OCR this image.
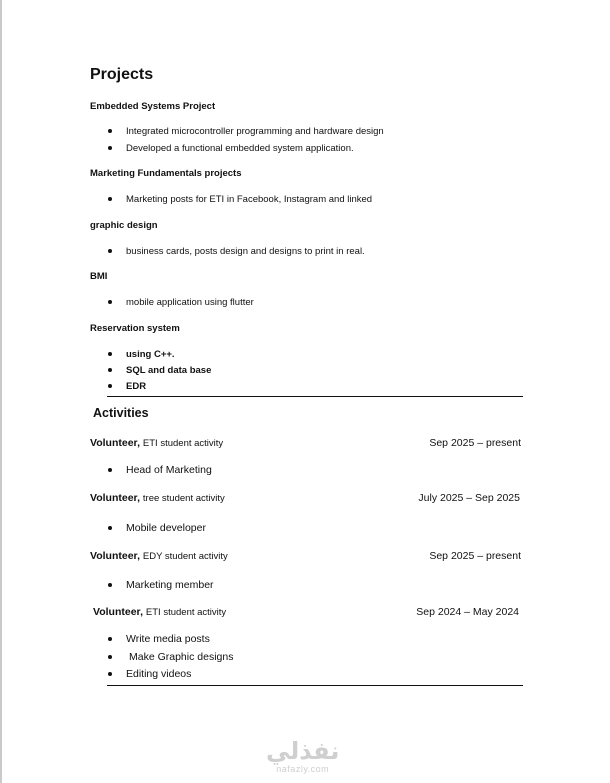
Projects
Embedded Systems Project
Integrated microcontroller programming and hardware design
Developed a functional embedded system application.
Marketing Fundamentals projects
Marketing posts for ETI in Facebook, Instagram and linked
graphic design
business cards, posts design and designs to print in real.
BMI
mobile application using flutter
Reservation system
using C++.
SQL and data base
EDR
Activities
Volunteer, ETI student activity	Sep 2025 – present
Head of Marketing
Volunteer, tree student activity	July 2025 – Sep 2025
Mobile developer
Volunteer, EDY student activity	Sep 2025 – present
Marketing member
Volunteer, ETI student activity	Sep 2024 – May 2024
Write media posts
Make Graphic designs
Editing videos
نفذلي
nafazly.com
